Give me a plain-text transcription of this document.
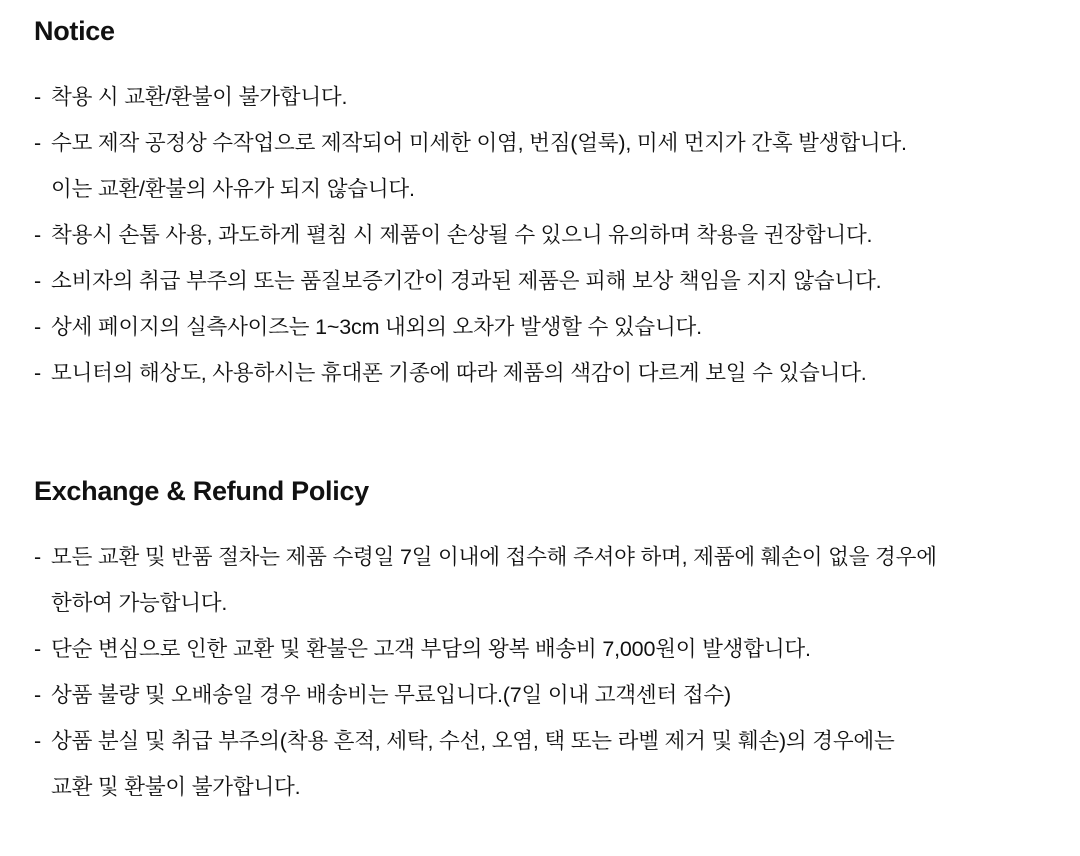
Notice
- 착용 시 교환/환불이 불가합니다.
- 수모 제작 공정상 수작업으로 제작되어 미세한 이염, 번짐(얼룩), 미세 먼지가 간혹 발생합니다.
이는 교환/환불의 사유가 되지 않습니다.
- 착용시 손톱 사용, 과도하게 펼침 시 제품이 손상될 수 있으니 유의하며 착용을 권장합니다.
- 소비자의 취급 부주의 또는 품질보증기간이 경과된 제품은 피해 보상 책임을 지지 않습니다.
- 상세 페이지의 실측사이즈는 1~3cm 내외의 오차가 발생할 수 있습니다.
- 모니터의 해상도, 사용하시는 휴대폰 기종에 따라 제품의 색감이 다르게 보일 수 있습니다.
Exchange & Refund Policy
- 모든 교환 및 반품 절차는 제품 수령일 7일 이내에 접수해 주셔야 하며, 제품에 훼손이 없을 경우에
한하여 가능합니다.
- 단순 변심으로 인한 교환 및 환불은 고객 부담의 왕복 배송비 7,000원이 발생합니다.
- 상품 불량 및 오배송일 경우 배송비는 무료입니다.(7일 이내 고객센터 접수)
- 상품 분실 및 취급 부주의(착용 흔적, 세탁, 수선, 오염, 택 또는 라벨 제거 및 훼손)의 경우에는
교환 및 환불이 불가합니다.
